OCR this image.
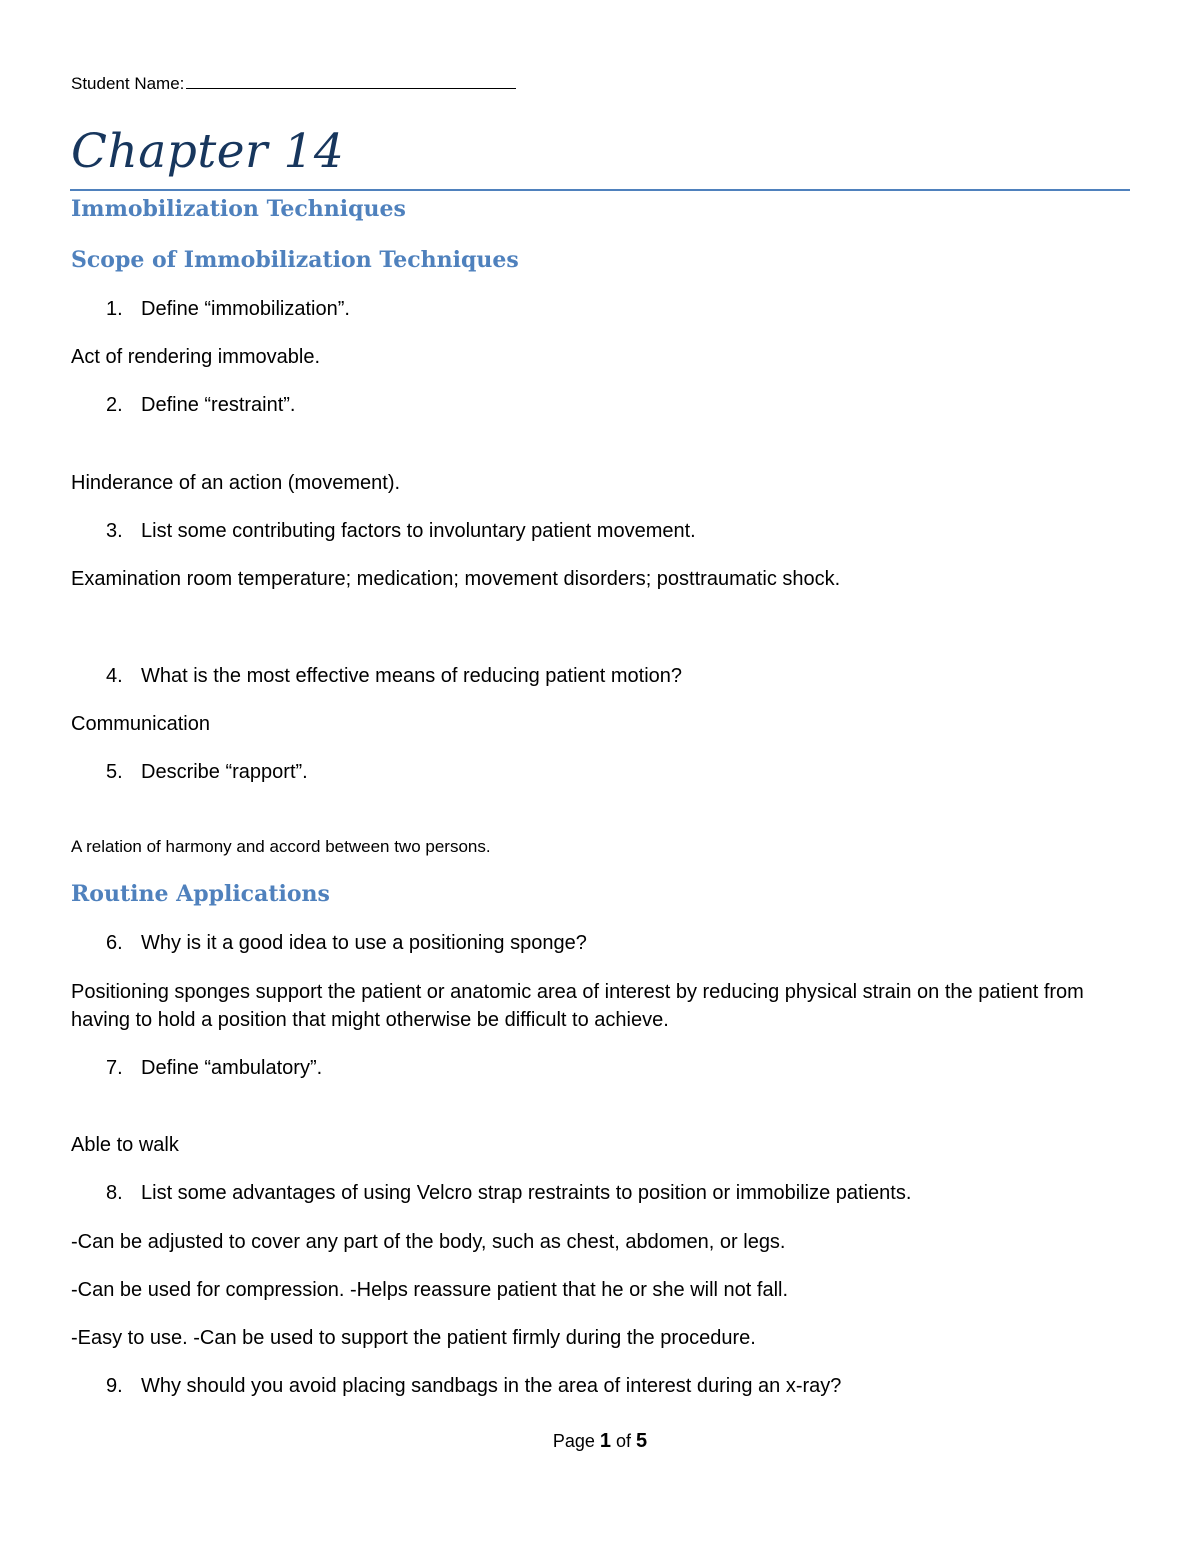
Student Name:
Chapter 14
Immobilization Techniques
Scope of Immobilization Techniques
1. Define “immobilization”.
Act of rendering immovable.
2. Define “restraint”.
Hinderance of an action (movement).
3. List some contributing factors to involuntary patient movement.
Examination room temperature; medication; movement disorders; posttraumatic shock.
4. What is the most effective means of reducing patient motion?
Communication
5. Describe “rapport”.
A relation of harmony and accord between two persons.
Routine Applications
6. Why is it a good idea to use a positioning sponge?
Positioning sponges support the patient or anatomic area of interest by reducing physical strain on the patient from having to hold a position that might otherwise be difficult to achieve.
7. Define “ambulatory”.
Able to walk
8. List some advantages of using Velcro strap restraints to position or immobilize patients.
-Can be adjusted to cover any part of the body, such as chest, abdomen, or legs.
-Can be used for compression. -Helps reassure patient that he or she will not fall.
-Easy to use. -Can be used to support the patient firmly during the procedure.
9. Why should you avoid placing sandbags in the area of interest during an x-ray?
Page 1 of 5
